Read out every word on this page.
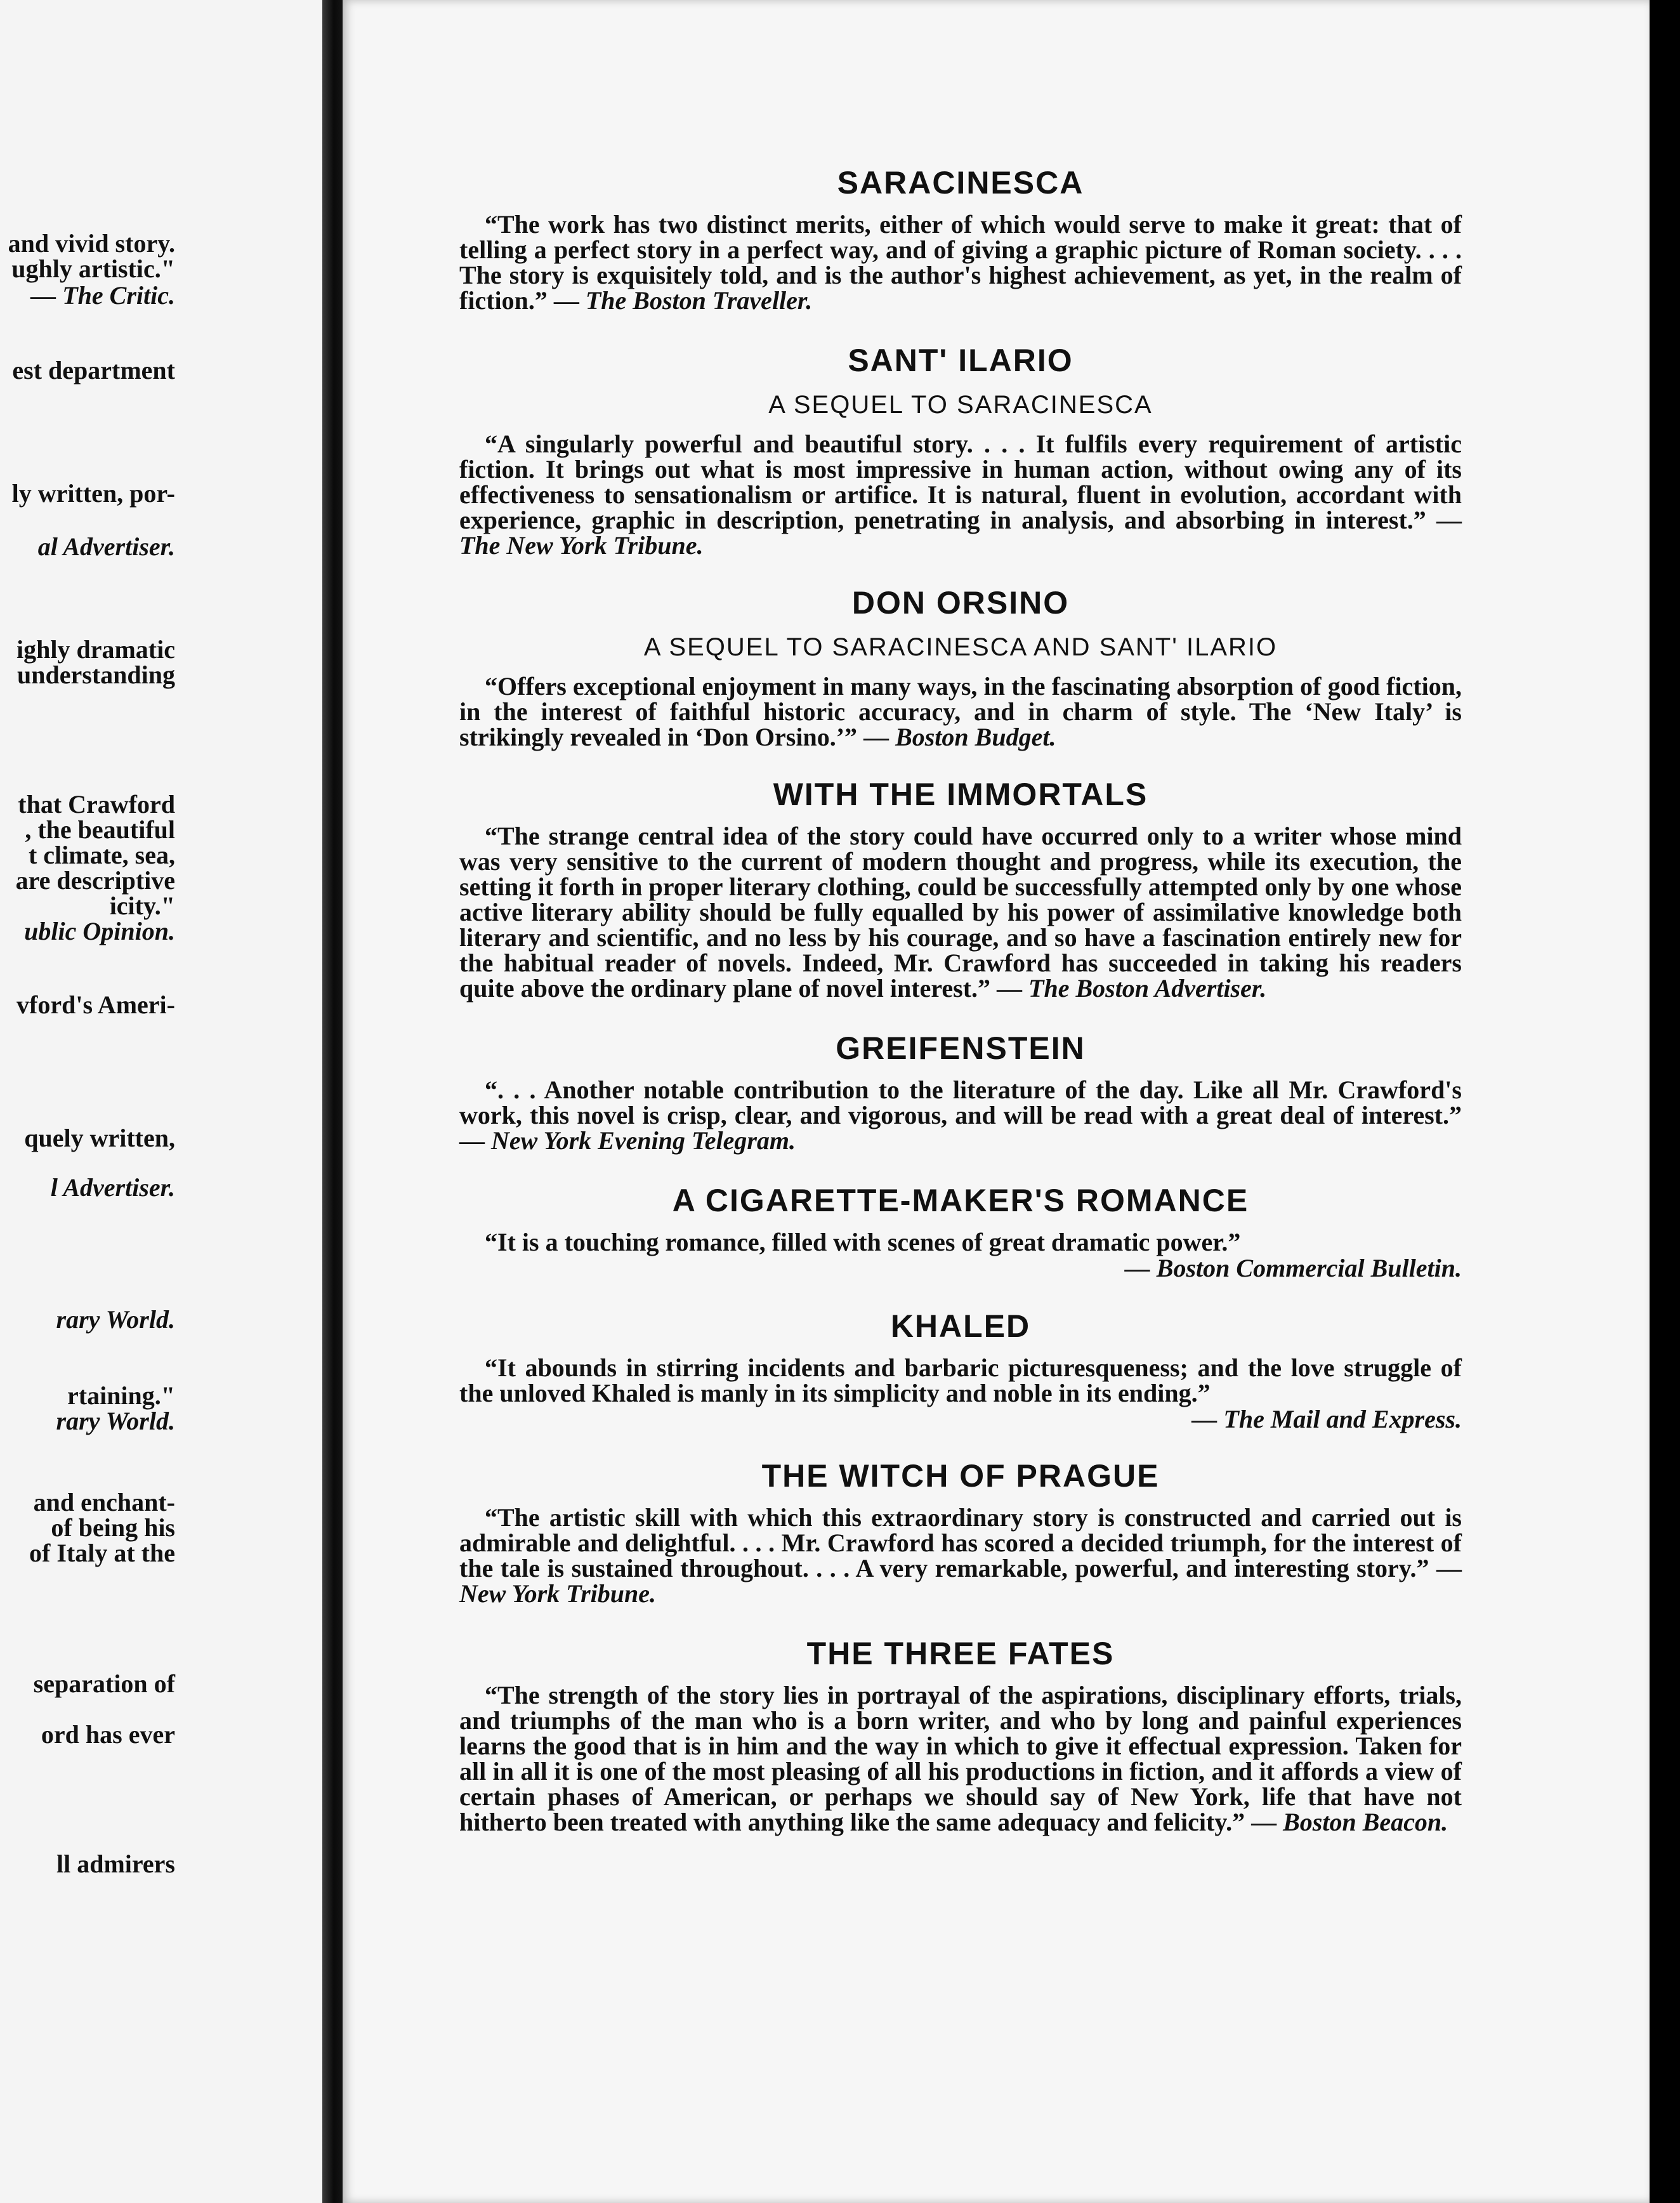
and vivid story.
ughly artistic."
— The Critic.
est department
ly written, por-
al Advertiser.
ighly dramatic
understanding
that Crawford
, the beautiful
t climate, sea,
are descriptive
icity."
ublic Opinion.
vford's Ameri-
quely written,
l Advertiser.
rary World.
rtaining."
rary World.
and enchant-
of being his
of Italy at the
separation of
ord has ever
ll admirers
SARACINESCA

“The work has two distinct merits, either of which would serve to make it great: that of telling a perfect story in a perfect way, and of giving a graphic picture of Roman society. . . . The story is exquisitely told, and is the author's highest achievement, as yet, in the realm of fiction.” — The Boston Traveller.

SANT' ILARIO
A SEQUEL TO SARACINESCA

“A singularly powerful and beautiful story. . . . It fulfils every requirement of artistic fiction. It brings out what is most impressive in human action, without owing any of its effectiveness to sensationalism or artifice. It is natural, fluent in evolution, accordant with experience, graphic in description, penetrating in analysis, and absorbing in interest.” — The New York Tribune.

DON ORSINO
A SEQUEL TO SARACINESCA AND SANT' ILARIO

“Offers exceptional enjoyment in many ways, in the fascinating absorption of good fiction, in the interest of faithful historic accuracy, and in charm of style. The ‘New Italy’ is strikingly revealed in ‘Don Orsino.’” — Boston Budget.

WITH THE IMMORTALS

“The strange central idea of the story could have occurred only to a writer whose mind was very sensitive to the current of modern thought and progress, while its execution, the setting it forth in proper literary clothing, could be successfully attempted only by one whose active literary ability should be fully equalled by his power of assimilative knowledge both literary and scientific, and no less by his courage, and so have a fascination entirely new for the habitual reader of novels. Indeed, Mr. Crawford has succeeded in taking his readers quite above the ordinary plane of novel interest.” — The Boston Advertiser.

GREIFENSTEIN

“. . . Another notable contribution to the literature of the day. Like all Mr. Crawford's work, this novel is crisp, clear, and vigorous, and will be read with a great deal of interest.” — New York Evening Telegram.

A CIGARETTE-MAKER'S ROMANCE

“It is a touching romance, filled with scenes of great dramatic power.”

— Boston Commercial Bulletin.

KHALED

“It abounds in stirring incidents and barbaric picturesqueness; and the love struggle of the unloved Khaled is manly in its simplicity and noble in its ending.”

— The Mail and Express.

THE WITCH OF PRAGUE

“The artistic skill with which this extraordinary story is constructed and carried out is admirable and delightful. . . . Mr. Crawford has scored a decided triumph, for the interest of the tale is sustained throughout. . . . A very remarkable, powerful, and interesting story.” — New York Tribune.

THE THREE FATES

“The strength of the story lies in portrayal of the aspirations, disciplinary efforts, trials, and triumphs of the man who is a born writer, and who by long and painful experiences learns the good that is in him and the way in which to give it effectual expression. Taken for all in all it is one of the most pleasing of all his productions in fiction, and it affords a view of certain phases of American, or perhaps we should say of New York, life that have not hitherto been treated with anything like the same adequacy and felicity.” — Boston Beacon.
